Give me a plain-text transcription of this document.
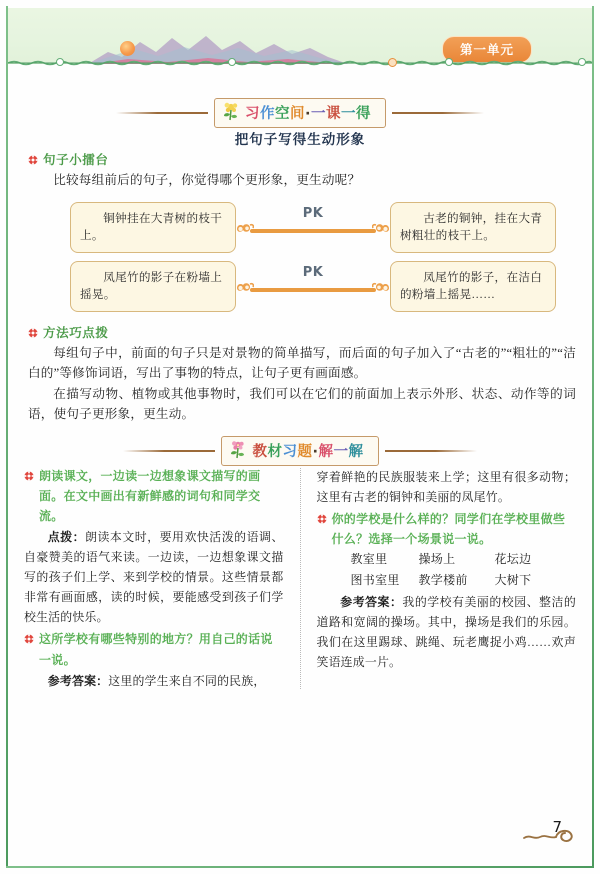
第一单元
习作空间·一课一得
把句子写得生动形象
句子小擂台
比较每组前后的句子，你觉得哪个更形象，更生动呢？
铜钟挂在大青树的枝干上。
PK	古老的铜钟，挂在大青树粗壮的枝干上。
凤尾竹的影子在粉墙上摇晃。
PK	凤尾竹的影子，在洁白的粉墙上摇晃……
方法巧点拨
每组句子中，前面的句子只是对景物的简单描写，而后面的句子加入了“古老的”“粗壮的”“洁白的”等修饰词语，写出了事物的特点，让句子更有画面感。
在描写动物、植物或其他事物时，我们可以在它们的前面加上表示外形、状态、动作等的词语，使句子更形象，更生动。
教材习题·解一解
朗读课文，一边读一边想象课文描写的画面。在文中画出有新鲜感的词句和同学交流。
点拨：朗读本文时，要用欢快活泼的语调、自豪赞美的语气来读。一边读，一边想象课文描写的孩子们上学、来到学校的情景。这些情景都非常有画面感，读的时候，要能感受到孩子们学校生活的快乐。
这所学校有哪些特别的地方？用自己的话说一说。
参考答案：这里的学生来自不同的民族，
穿着鲜艳的民族服装来上学；这里有很多动物；这里有古老的铜钟和美丽的凤尾竹。
你的学校是什么样的？同学们在学校里做些什么？选择一个场景说一说。
教室里	操场上	花坛边
图书室里 教学楼前 大树下
参考答案：我的学校有美丽的校园、整洁的道路和宽阔的操场。其中，操场是我们的乐园。我们在这里踢球、跳绳、玩老鹰捉小鸡……欢声笑语连成一片。
7
